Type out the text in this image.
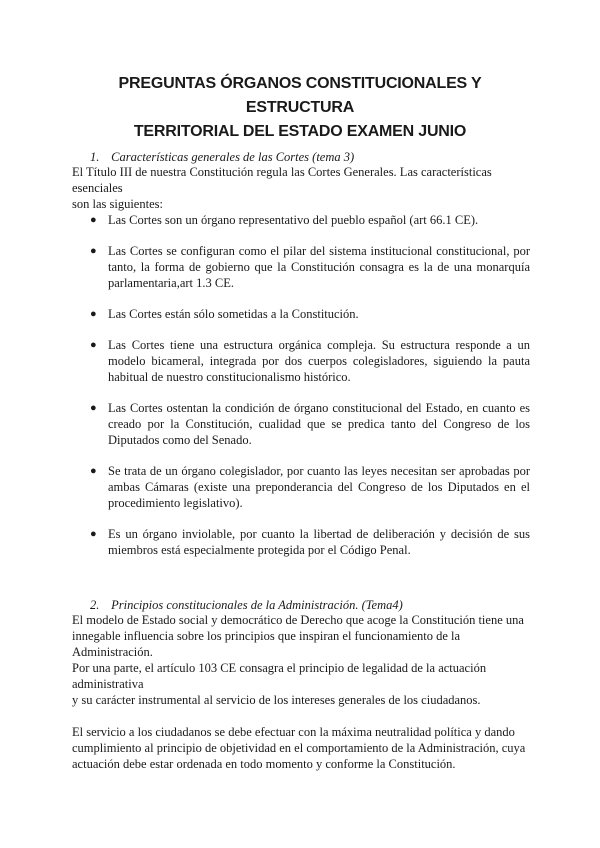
PREGUNTAS ÓRGANOS CONSTITUCIONALES Y ESTRUCTURA
TERRITORIAL DEL ESTADO EXAMEN JUNIO
1. Características generales de las Cortes (tema 3)
El Título III de nuestra Constitución regula las Cortes Generales. Las características
esenciales
son las siguientes:
● Las Cortes son un órgano representativo del pueblo español (art 66.1 CE).
● Las Cortes se configuran como el pilar del sistema institucional constitucional, por tanto, la forma de gobierno que la Constitución consagra es la de una monarquía parlamentaria,art 1.3 CE.
● Las Cortes están sólo sometidas a la Constitución.
● Las Cortes tiene una estructura orgánica compleja. Su estructura responde a un modelo bicameral, integrada por dos cuerpos colegisladores, siguiendo la pauta habitual de nuestro constitucionalismo histórico.
● Las Cortes ostentan la condición de órgano constitucional del Estado, en cuanto es creado por la Constitución, cualidad que se predica tanto del Congreso de los Diputados como del Senado.
● Se trata de un órgano colegislador, por cuanto las leyes necesitan ser aprobadas por ambas Cámaras (existe una preponderancia del Congreso de los Diputados en el procedimiento legislativo).
● Es un órgano inviolable, por cuanto la libertad de deliberación y decisión de sus miembros está especialmente protegida por el Código Penal.
2. Principios constitucionales de la Administración. (Tema4)
El modelo de Estado social y democrático de Derecho que acoge la Constitución tiene una
innegable influencia sobre los principios que inspiran el funcionamiento de la
Administración.
Por una parte, el artículo 103 CE consagra el principio de legalidad de la actuación
administrativa
y su carácter instrumental al servicio de los intereses generales de los ciudadanos.
El servicio a los ciudadanos se debe efectuar con la máxima neutralidad política y dando
cumplimiento al principio de objetividad en el comportamiento de la Administración, cuya
actuación debe estar ordenada en todo momento y conforme la Constitución.
